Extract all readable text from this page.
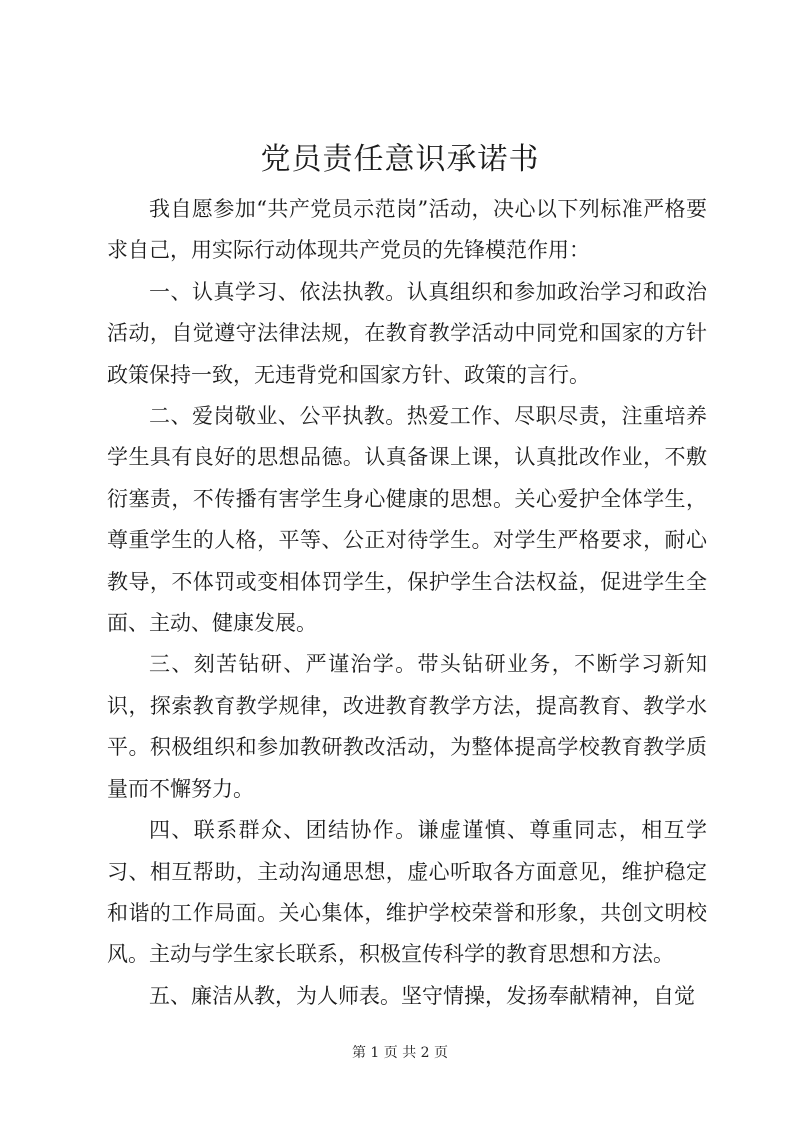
党员责任意识承诺书

我自愿参加“共产党员示范岗”活动，决心以下列标准严格要求自己，用实际行动体现共产党员的先锋模范作用：

一、认真学习、依法执教。认真组织和参加政治学习和政治活动，自觉遵守法律法规，在教育教学活动中同党和国家的方针政策保持一致，无违背党和国家方针、政策的言行。

二、爱岗敬业、公平执教。热爱工作、尽职尽责，注重培养学生具有良好的思想品德。认真备课上课，认真批改作业，不敷衍塞责，不传播有害学生身心健康的思想。关心爱护全体学生，尊重学生的人格，平等、公正对待学生。对学生严格要求，耐心教导，不体罚或变相体罚学生，保护学生合法权益，促进学生全面、主动、健康发展。

三、刻苦钻研、严谨治学。带头钻研业务，不断学习新知识，探索教育教学规律，改进教育教学方法，提高教育、教学水平。积极组织和参加教研教改活动，为整体提高学校教育教学质量而不懈努力。

四、联系群众、团结协作。谦虚谨慎、尊重同志，相互学习、相互帮助，主动沟通思想，虚心听取各方面意见，维护稳定和谐的工作局面。关心集体，维护学校荣誉和形象，共创文明校风。主动与学生家长联系，积极宣传科学的教育思想和方法。

五、廉洁从教，为人师表。坚守情操，发扬奉献精神，自觉

第 1 页 共 2 页
